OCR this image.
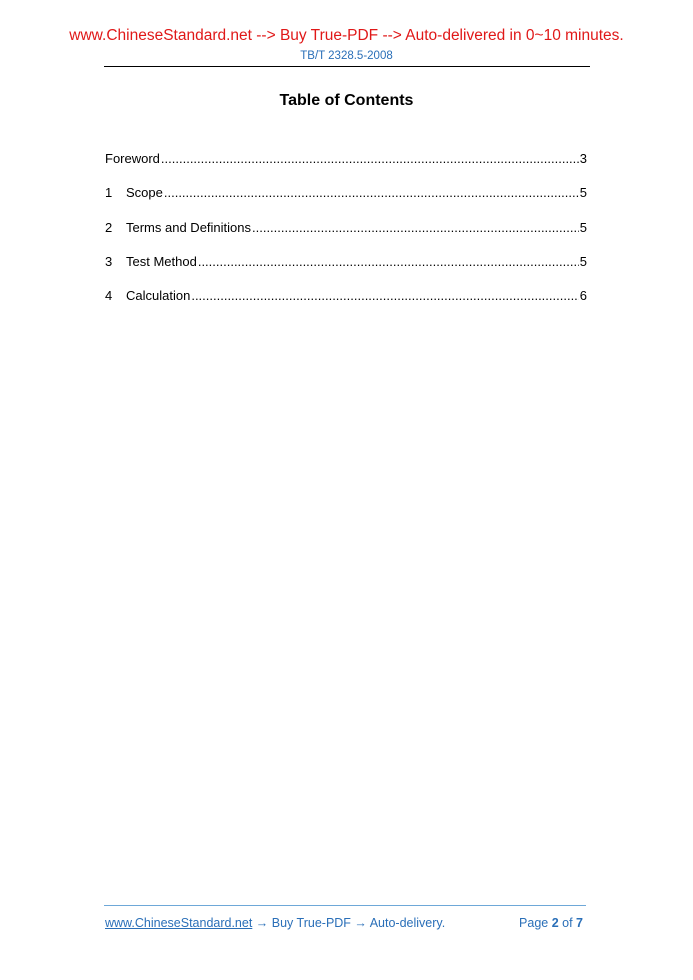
www.ChineseStandard.net --> Buy True-PDF --> Auto-delivered in 0~10 minutes.
TB/T 2328.5-2008
Table of Contents
Foreword .....	3
1	Scope .....	5
2	Terms and Definitions .....	5
3	Test Method .....	5
4	Calculation .....	6
www.ChineseStandard.net → Buy True-PDF → Auto-delivery.	Page 2 of 7
